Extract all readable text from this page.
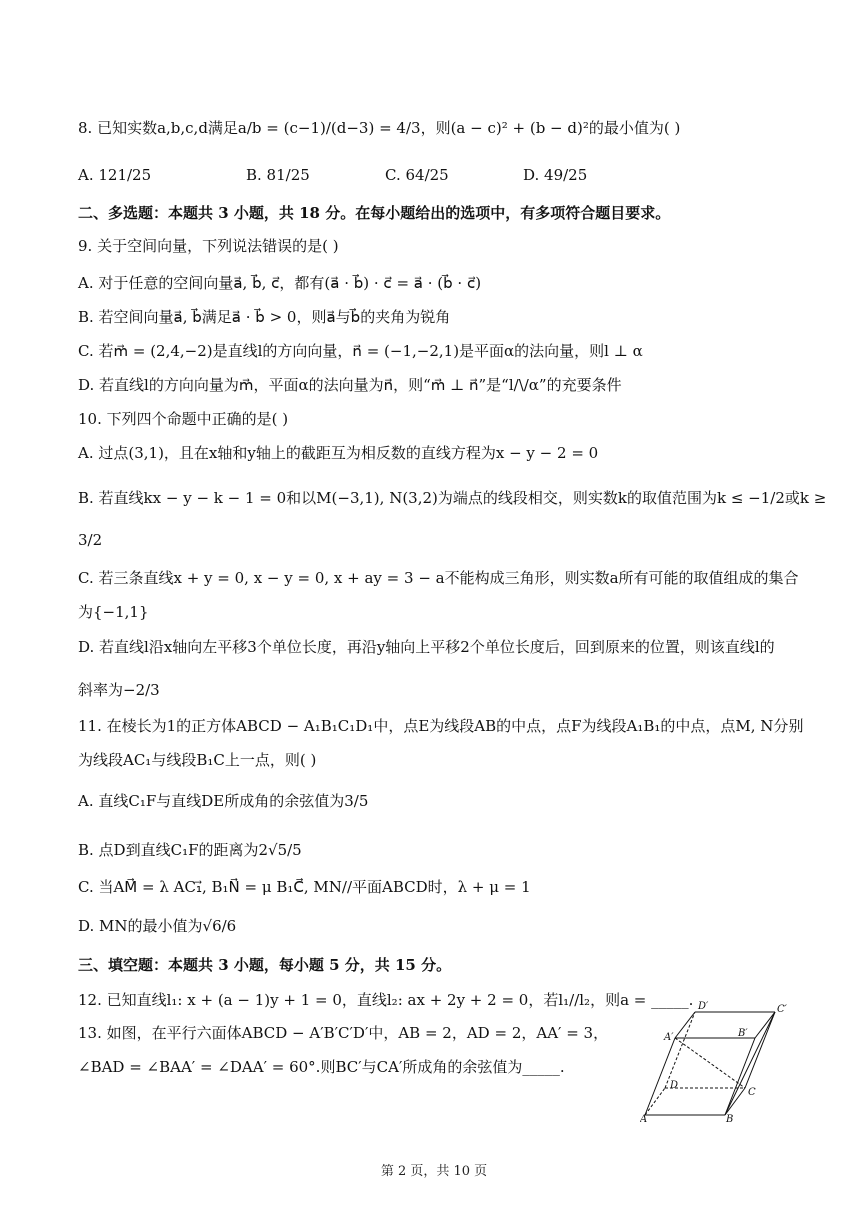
8. 已知实数a,b,c,d满足a/b = (c−1)/(d−3) = 4/3，则(a − c)² + (b − d)²的最小值为( )
A. 121/25	B. 81/25	C. 64/25	D. 49/25
二、多选题：本题共 3 小题，共 18 分。在每小题给出的选项中，有多项符合题目要求。
9. 关于空间向量，下列说法错误的是( )
A. 对于任意的空间向量a⃗, b⃗, c⃗，都有(a⃗ · b⃗) · c⃗ = a⃗ · (b⃗ · c⃗)
B. 若空间向量a⃗, b⃗满足a⃗ · b⃗ > 0，则a⃗与b⃗的夹角为锐角
C. 若m⃗ = (2,4,−2)是直线l的方向向量，n⃗ = (−1,−2,1)是平面α的法向量，则l ⊥ α
D. 若直线l的方向向量为m⃗，平面α的法向量为n⃗，则“m⃗ ⊥ n⃗”是“l/\/α”的充要条件
10. 下列四个命题中正确的是( )
A. 过点(3,1)，且在x轴和y轴上的截距互为相反数的直线方程为x − y − 2 = 0
B. 若直线kx − y − k − 1 = 0和以M(−3,1), N(3,2)为端点的线段相交，则实数k的取值范围为k ≤ −1/2或k ≥
3/2
C. 若三条直线x + y = 0, x − y = 0, x + ay = 3 − a不能构成三角形，则实数a所有可能的取值组成的集合
为{−1,1}
D. 若直线l沿x轴向左平移3个单位长度，再沿y轴向上平移2个单位长度后，回到原来的位置，则该直线l的
斜率为−2/3
11. 在棱长为1的正方体ABCD − A₁B₁C₁D₁中，点E为线段AB的中点，点F为线段A₁B₁的中点，点M, N分别
为线段AC₁与线段B₁C上一点，则( )
A. 直线C₁F与直线DE所成角的余弦值为3/5
B. 点D到直线C₁F的距离为2√5/5
C. 当AM⃗ = λ AC₁⃗, B₁N⃗ = μ B₁C⃗, MN//平面ABCD时，λ + μ = 1
D. MN的最小值为√6/6
三、填空题：本题共 3 小题，每小题 5 分，共 15 分。
12. 已知直线l₁: x + (a − 1)y + 1 = 0，直线l₂: ax + 2y + 2 = 0，若l₁//l₂，则a = _____.
13. 如图，在平行六面体ABCD − A′B′C′D′中，AB = 2，AD = 2，AA′ = 3，
∠BAD = ∠BAA′ = ∠DAA′ = 60°.则BC′与CA′所成角的余弦值为_____.
D′	C′
A′	B′
D
C
A	B
第 2 页，共 10 页
